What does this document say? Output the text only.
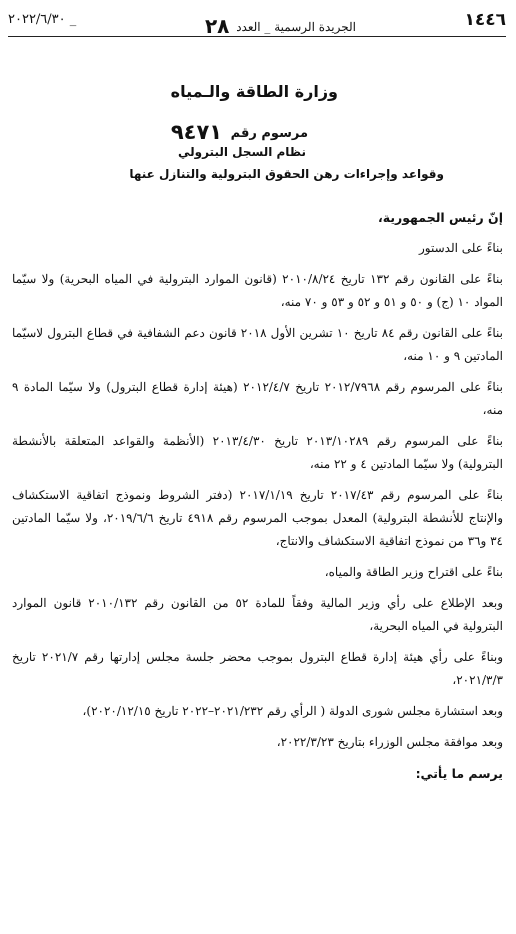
١٤٤٦
الجريدة الرسمية _ العدد ٢٨
_ ٢٠٢٢/٦/٣٠
وزارة الطاقة والـمياه
مرسوم رقم ٩٤٧١
نظام السجل البترولي
وقواعد وإجراءات رهن الحقوق البترولية والتنازل عنها

إنّ رئيس الجمهورية،

بناءً على الدستور

بناءً على القانون رقم ١٣٢ تاريخ ٢٠١٠/٨/٢٤ (قانون الموارد البترولية في المياه البحرية) ولا سيّما المواد ١٠ (ج) و ٥٠ و ٥١ و ٥٢ و ٥٣ و ٧٠ منه،

بناءً على القانون رقم ٨٤ تاريخ ١٠ تشرين الأول ٢٠١٨ قانون دعم الشفافية في قطاع البترول لاسيّما المادتين ٩ و ١٠ منه،

بناءً على المرسوم رقم ٢٠١٢/٧٩٦٨ تاريخ ٢٠١٢/٤/٧ (هيئة إدارة قطاع البترول) ولا سيّما المادة ٩ منه،

بناءً على المرسوم رقم ٢٠١٣/١٠٢٨٩ تاريخ ٢٠١٣/٤/٣٠ (الأنظمة والقواعد المتعلقة بالأنشطة البترولية) ولا سيّما المادتين ٤ و ٢٢ منه،

بناءً على المرسوم رقم ٢٠١٧/٤٣ تاريخ ٢٠١٧/١/١٩ (دفتر الشروط ونموذج اتفاقية الاستكشاف والإنتاج للأنشطة البترولية) المعدل بموجب المرسوم رقم ٤٩١٨ تاريخ ٢٠١٩/٦/٦، ولا سيّما المادتين ٣٤ و٣٦ من نموذج اتفاقية الاستكشاف والانتاج،

بناءً على اقتراح وزير الطاقة والمياه،

وبعد الإطلاع على رأي وزير المالية وفقاً للمادة ٥٢ من القانون رقم ٢٠١٠/١٣٢ قانون الموارد البترولية في المياه البحرية،

وبناءً على رأي هيئة إدارة قطاع البترول بموجب محضر جلسة مجلس إدارتها رقم ٢٠٢١/٧ تاريخ ٢٠٢١/٣/٣،

وبعد استشارة مجلس شورى الدولة ( الرأي رقم ٢٠٢١/٢٣٢–٢٠٢٢ تاريخ ٢٠٢٠/١٢/١٥)،

وبعد موافقة مجلس الوزراء بتاريخ ٢٠٢٢/٣/٢٣،

يرسم ما يأتي:
